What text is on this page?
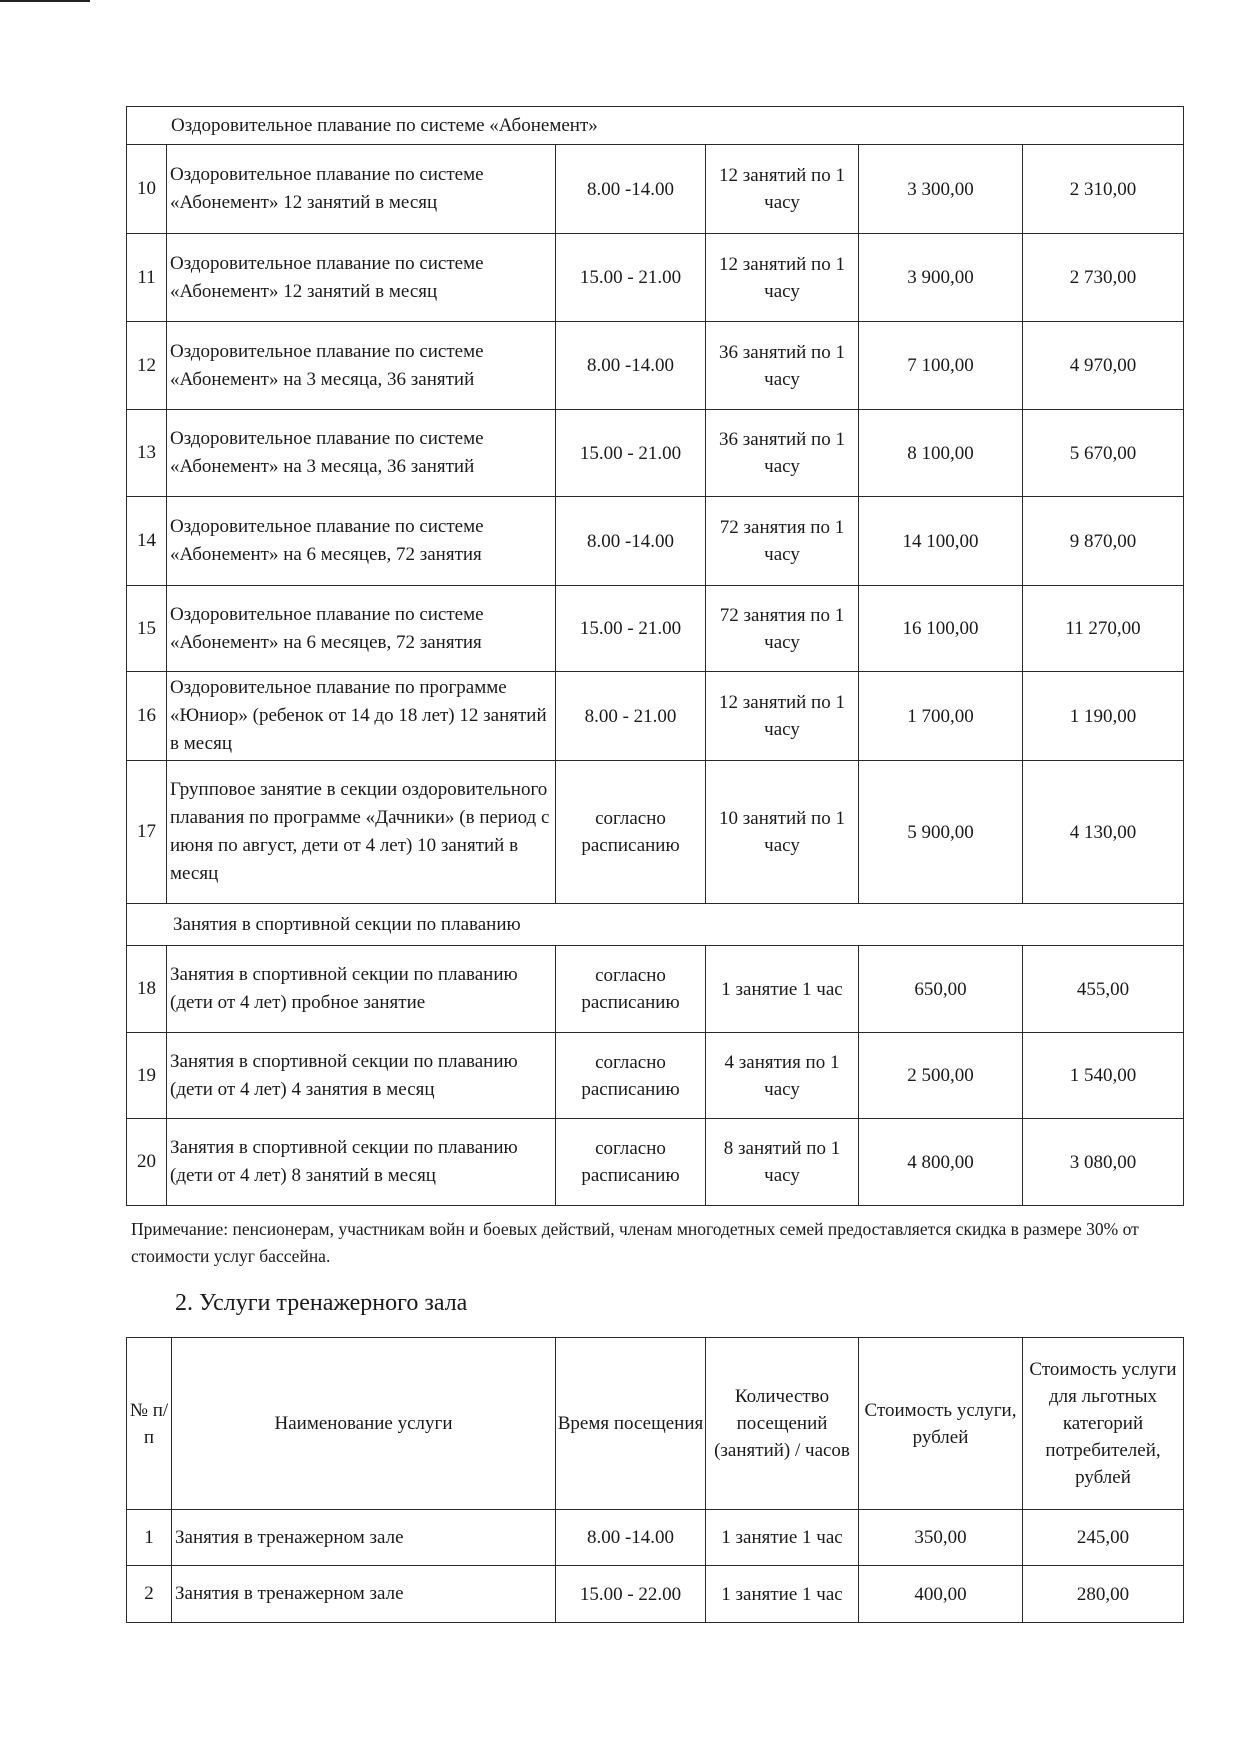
Оздоровительное плавание по системе «Абонемент»					
10	Оздоровительное плавание по системе «Абонемент» 12 занятий в месяц	8.00 -14.00	12 занятий по 1 часу	3 300,00	2 310,00
11	Оздоровительное плавание по системе «Абонемент» 12 занятий в месяц	15.00 - 21.00	12 занятий по 1 часу	3 900,00	2 730,00
12	Оздоровительное плавание по системе «Абонемент» на 3 месяца, 36 занятий	8.00 -14.00	36 занятий по 1 часу	7 100,00	4 970,00
13	Оздоровительное плавание по системе «Абонемент» на 3 месяца, 36 занятий	15.00 - 21.00	36 занятий по 1 часу	8 100,00	5 670,00
14	Оздоровительное плавание по системе «Абонемент» на 6 месяцев, 72 занятия	8.00 -14.00	72 занятия по 1 часу	14 100,00	9 870,00
15	Оздоровительное плавание по системе «Абонемент» на 6 месяцев, 72 занятия	15.00 - 21.00	72 занятия по 1 часу	16 100,00	11 270,00
16	Оздоровительное плавание по программе «Юниор» (ребенок от 14 до 18 лет) 12 занятий в месяц	8.00 - 21.00	12 занятий по 1 часу	1 700,00	1 190,00
17	Групповое занятие в секции оздоровительного плавания по программе «Дачники» (в период с июня по август, дети от 4 лет) 10 занятий в месяц	согласно расписанию	10 занятий по 1 часу	5 900,00	4 130,00
Занятия в спортивной секции по плаванию					
18	Занятия в спортивной секции по плаванию (дети от 4 лет) пробное занятие	согласно расписанию	1 занятие 1 час	650,00	455,00
19	Занятия в спортивной секции по плаванию (дети от 4 лет) 4 занятия в месяц	согласно расписанию	4 занятия по 1 часу	2 500,00	1 540,00
20	Занятия в спортивной секции по плаванию (дети от 4 лет) 8 занятий в месяц	согласно расписанию	8 занятий по 1 часу	4 800,00	3 080,00
Примечание: пенсионерам, участникам войн и боевых действий, членам многодетных семей предоставляется скидка в размере 30% от стоимости услуг бассейна.
2. Услуги тренажерного зала
№ п/п	Наименование услуги	Время посещения	Количество посещений (занятий) / часов	Стоимость услуги, рублей	Стоимость услуги для льготных категорий потребителей, рублей
1	Занятия в тренажерном зале	8.00 -14.00	1 занятие 1 час	350,00	245,00
2	Занятия в тренажерном зале	15.00 - 22.00	1 занятие 1 час	400,00	280,00
